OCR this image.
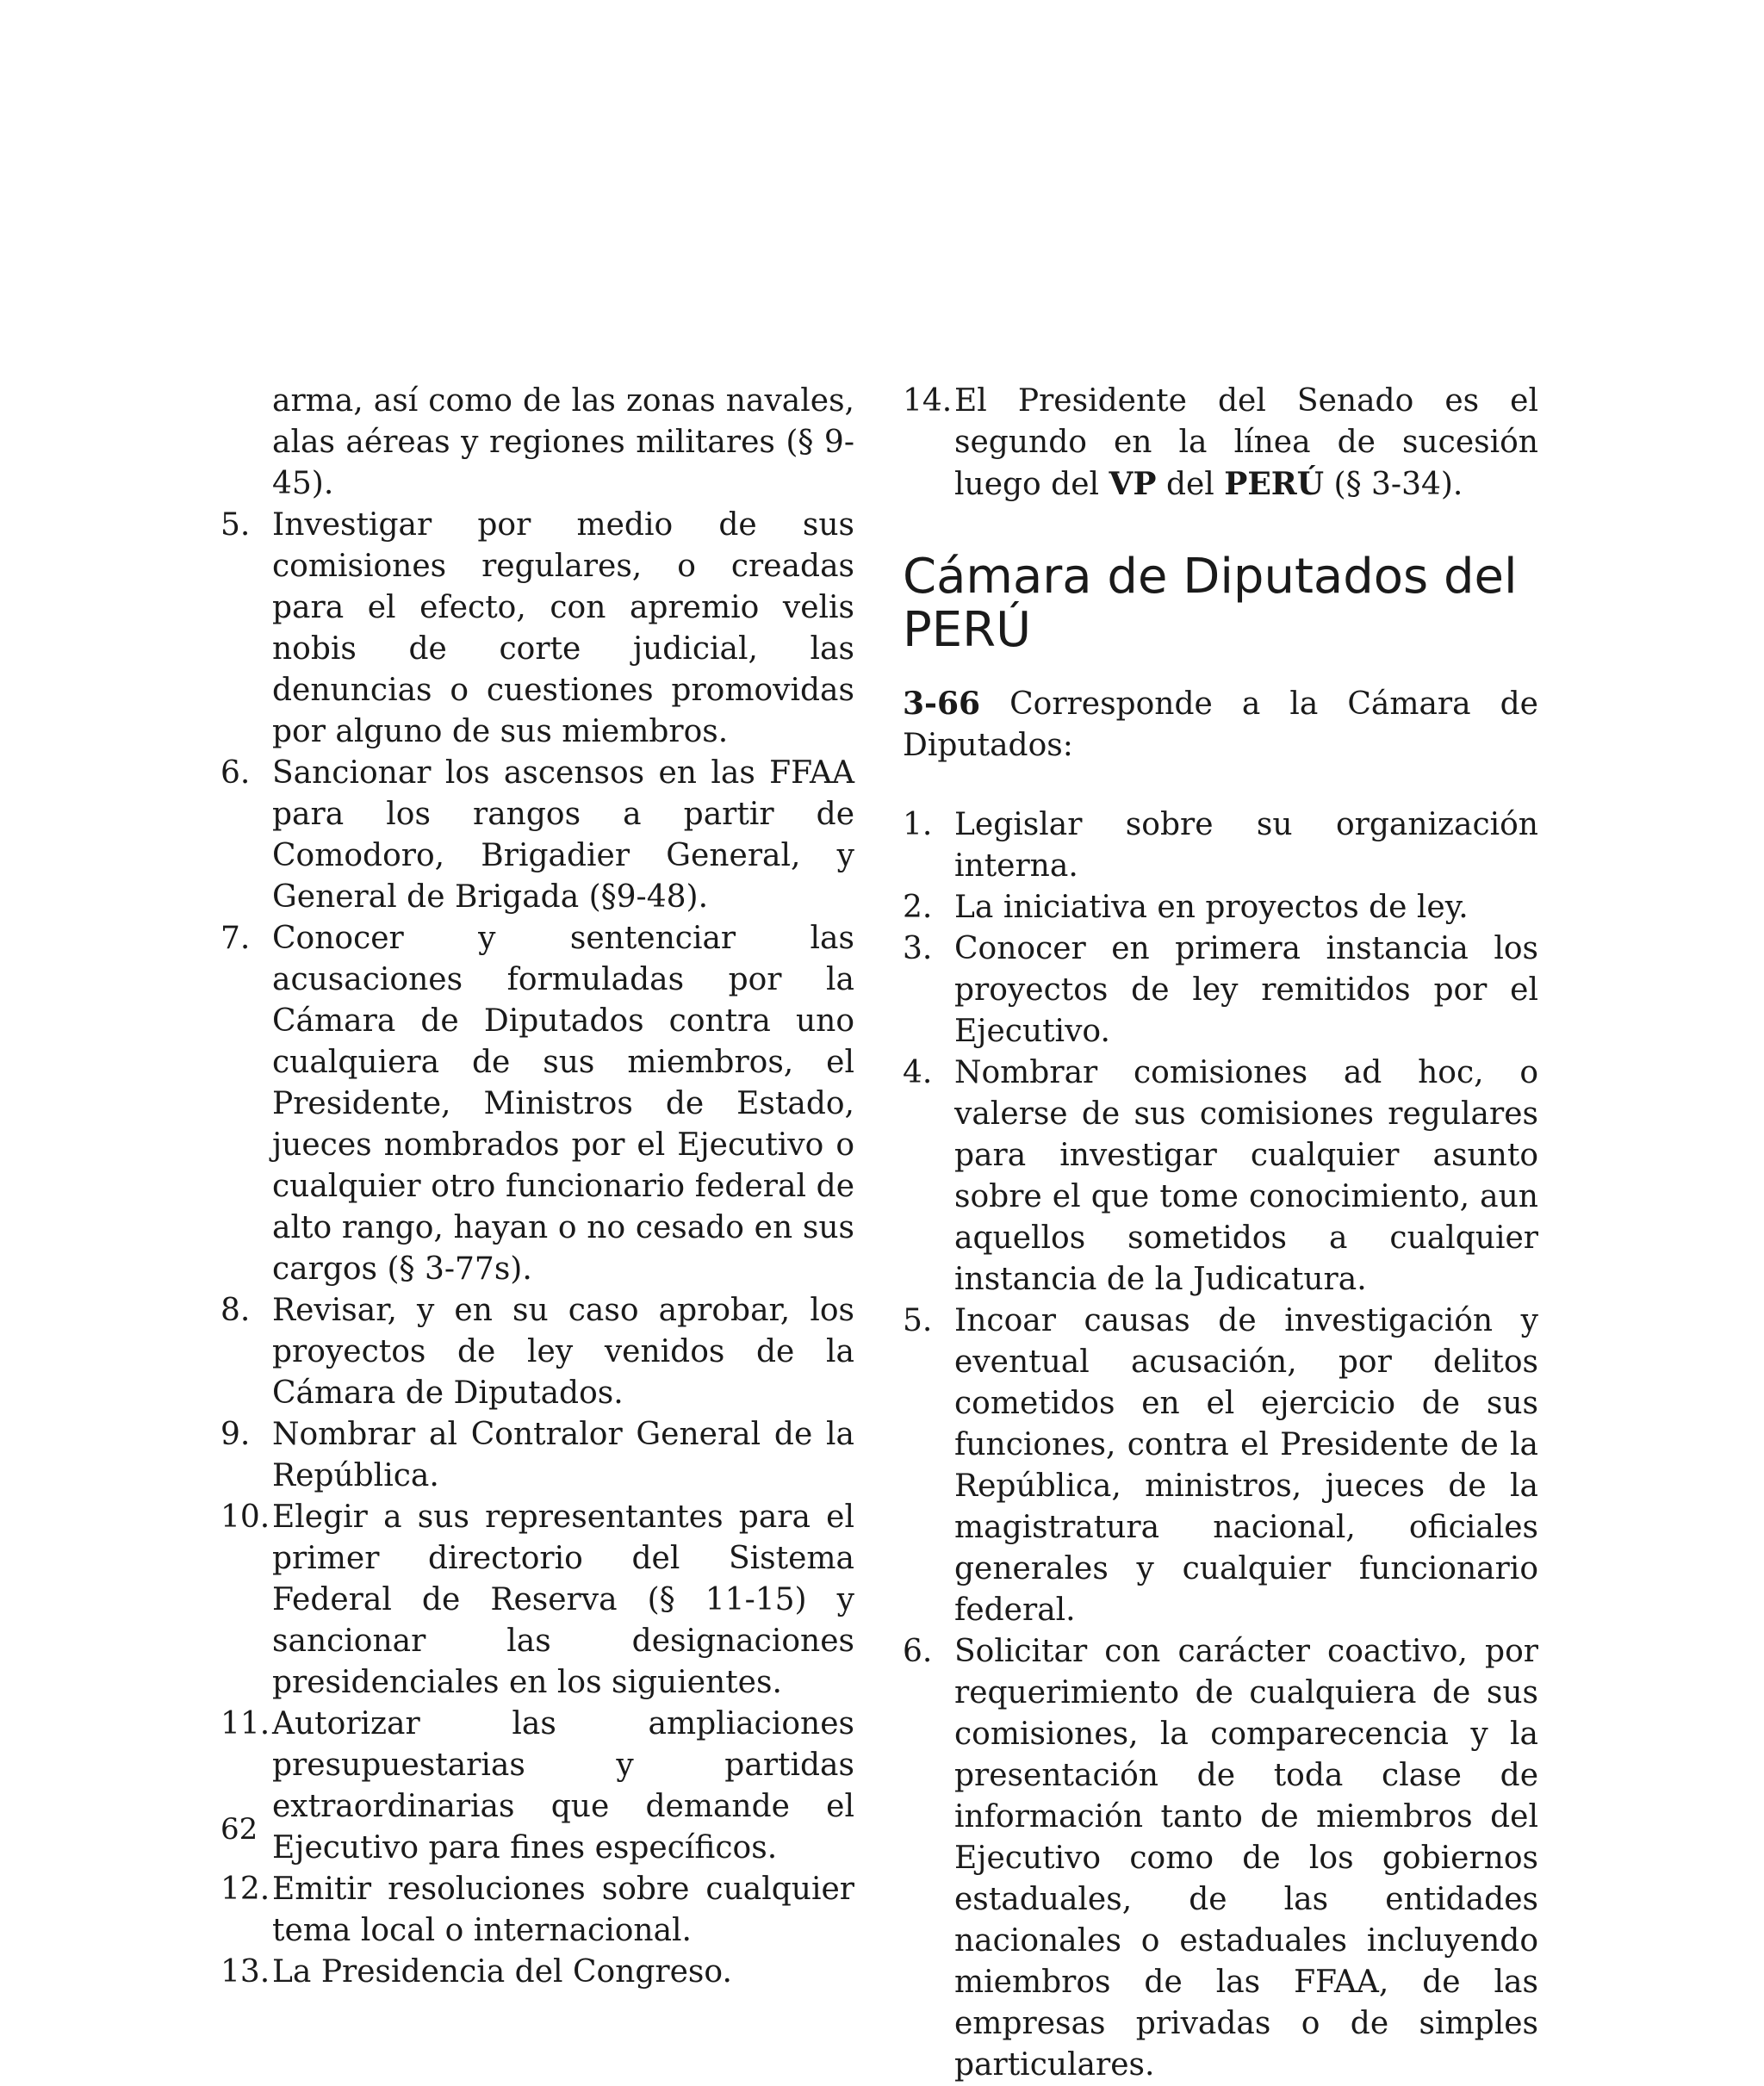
arma, así como de las zonas navales, alas aéreas y regiones militares (§ 9-45).
5. Investigar por medio de sus comisiones regulares, o creadas para el efecto, con apremio velis nobis de corte judicial, las denuncias o cuestiones promovidas por alguno de sus miembros.
6. Sancionar los ascensos en las FFAA para los rangos a partir de Comodoro, Brigadier General, y General de Brigada (§9-48).
7. Conocer y sentenciar las acusaciones formuladas por la Cámara de Diputados contra uno cualquiera de sus miembros, el Presidente, Ministros de Estado, jueces nombrados por el Ejecutivo o cualquier otro funcionario federal de alto rango, hayan o no cesado en sus cargos (§ 3-77s).
8. Revisar, y en su caso aprobar, los proyectos de ley venidos de la Cámara de Diputados.
9. Nombrar al Contralor General de la República.
10. Elegir a sus representantes para el primer directorio del Sistema Federal de Reserva (§ 11-15) y sancionar las designaciones presidenciales en los siguientes.
11. Autorizar las ampliaciones presupuestarias y partidas extraordinarias que demande el Ejecutivo para fines específicos.
12. Emitir resoluciones sobre cualquier tema local o internacional.
13. La Presidencia del Congreso.
14. El Presidente del Senado es el segundo en la línea de sucesión luego del VP del PERÚ (§ 3-34).
Cámara de Diputados del PERÚ

3-66 Corresponde a la Cámara de Diputados:

1. Legislar sobre su organización interna.
2. La iniciativa en proyectos de ley.
3. Conocer en primera instancia los proyectos de ley remitidos por el Ejecutivo.
4. Nombrar comisiones ad hoc, o valerse de sus comisiones regulares para investigar cualquier asunto sobre el que tome conocimiento, aun aquellos sometidos a cualquier instancia de la Judicatura.
5. Incoar causas de investigación y eventual acusación, por delitos cometidos en el ejercicio de sus funciones, contra el Presidente de la República, ministros, jueces de la magistratura nacional, oficiales generales y cualquier funcionario federal.
6. Solicitar con carácter coactivo, por requerimiento de cualquiera de sus comisiones, la comparecencia y la presentación de toda clase de información tanto de miembros del Ejecutivo como de los gobiernos estaduales, de las entidades nacionales o estaduales incluyendo miembros de las FFAA, de las empresas privadas o de simples particulares.
62
